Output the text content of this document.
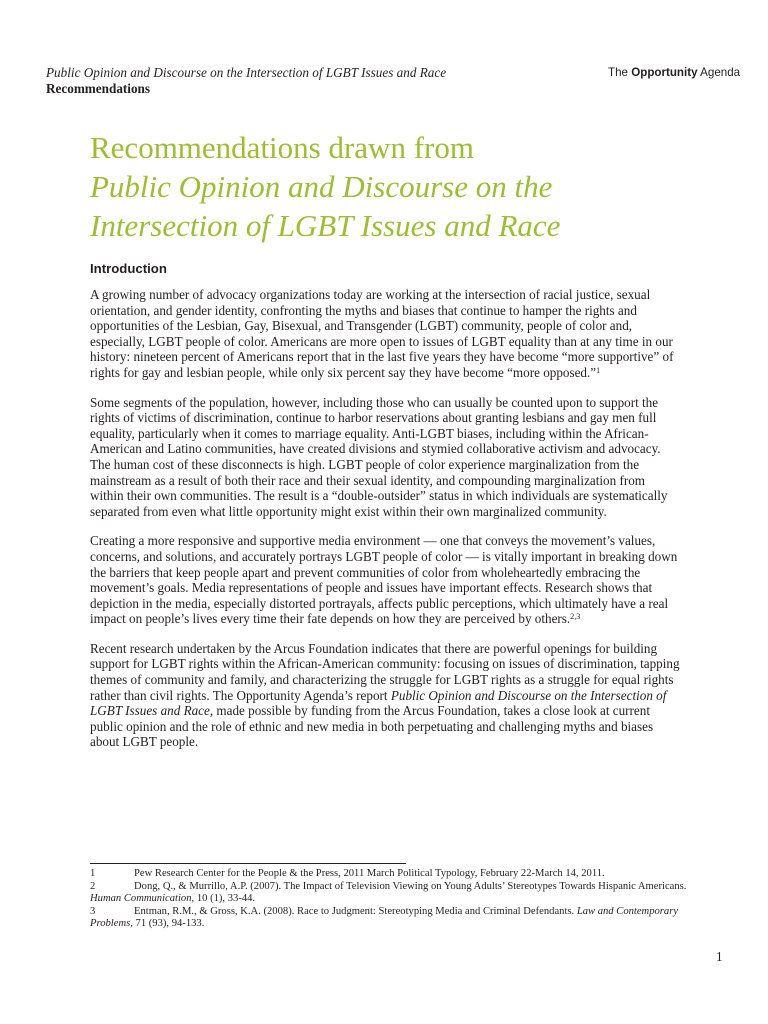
Public Opinion and Discourse on the Intersection of LGBT Issues and Race
Recommendations
The Opportunity Agenda
Recommendations drawn from
Public Opinion and Discourse on the
Intersection of LGBT Issues and Race
Introduction

A growing number of advocacy organizations today are working at the intersection of racial justice, sexual orientation, and gender identity, confronting the myths and biases that continue to hamper the rights and opportunities of the Lesbian, Gay, Bisexual, and Transgender (LGBT) community, people of color and, especially, LGBT people of color. Americans are more open to issues of LGBT equality than at any time in our history: nineteen percent of Americans report that in the last five years they have become “more supportive” of rights for gay and lesbian people, while only six percent say they have become “more opposed.”$^1$

Some segments of the population, however, including those who can usually be counted upon to support the rights of victims of discrimination, continue to harbor reservations about granting lesbians and gay men full equality, particularly when it comes to marriage equality. Anti-LGBT biases, including within the African-American and Latino communities, have created divisions and stymied collaborative activism and advocacy. The human cost of these disconnects is high. LGBT people of color experience marginalization from the mainstream as a result of both their race and their sexual identity, and compounding marginalization from within their own communities. The result is a “double-outsider” status in which individuals are systematically separated from even what little opportunity might exist within their own marginalized community.

Creating a more responsive and supportive media environment — one that conveys the movement’s values, concerns, and solutions, and accurately portrays LGBT people of color — is vitally important in breaking down the barriers that keep people apart and prevent communities of color from wholeheartedly embracing the movement’s goals. Media representations of people and issues have important effects. Research shows that depiction in the media, especially distorted portrayals, affects public perceptions, which ultimately have a real impact on people’s lives every time their fate depends on how they are perceived by others.$^{2,3}$

Recent research undertaken by the Arcus Foundation indicates that there are powerful openings for building support for LGBT rights within the African-American community: focusing on issues of discrimination, tapping themes of community and family, and characterizing the struggle for LGBT rights as a struggle for equal rights rather than civil rights. The Opportunity Agenda’s report Public Opinion and Discourse on the Intersection of LGBT Issues and Race, made possible by funding from the Arcus Foundation, takes a close look at current public opinion and the role of ethnic and new media in both perpetuating and challenging myths and biases about LGBT people.

1	Pew Research Center for the People & the Press, 2011 March Political Typology, February 22-March 14, 2011.
2	Dong, Q., & Murrillo, A.P. (2007). The Impact of Television Viewing on Young Adults’ Stereotypes Towards Hispanic Americans. Human Communication, 10 (1), 33-44.
3	Entman, R.M., & Gross, K.A. (2008). Race to Judgment: Stereotyping Media and Criminal Defendants. Law and Contemporary Problems, 71 (93), 94-133.
1
